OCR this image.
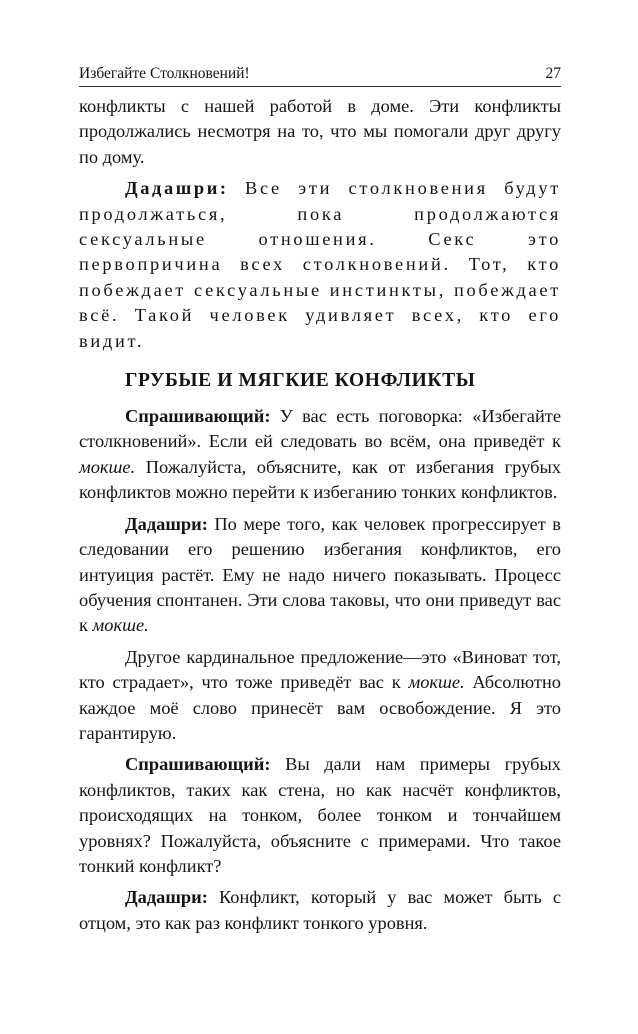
Избегайте Столкновений!	27

конфликты с нашей работой в доме. Эти конфликты продолжались несмотря на то, что мы помогали друг другу по дому.

Дадашри: Все эти столкновения будут продолжаться, пока продолжаются сексуальные отношения. Секс это первопричина всех столкновений. Тот, кто побеждает сексуальные инстинкты, побеждает всё. Такой человек удивляет всех, кто его видит.

ГРУБЫЕ И МЯГКИЕ КОНФЛИКТЫ

Спрашивающий: У вас есть поговорка: «Избегайте столкновений». Если ей следовать во всём, она приведёт к мокше. Пожалуйста, объясните, как от избегания грубых конфликтов можно перейти к избеганию тонких конфликтов.

Дадашри: По мере того, как человек прогрессирует в следовании его решению избегания конфликтов, его интуиция растёт. Ему не надо ничего показывать. Процесс обучения спонтанен. Эти слова таковы, что они приведут вас к мокше.

Другое кардинальное предложение—это «Виноват тот, кто страдает», что тоже приведёт вас к мокше. Абсолютно каждое моё слово принесёт вам освобождение. Я это гарантирую.

Спрашивающий: Вы дали нам примеры грубых конфликтов, таких как стена, но как насчёт конфликтов, происходящих на тонком, более тонком и тончайшем уровнях? Пожалуйста, объясните с примерами. Что такое тонкий конфликт?

Дадашри: Конфликт, который у вас может быть с отцом, это как раз конфликт тонкого уровня.
